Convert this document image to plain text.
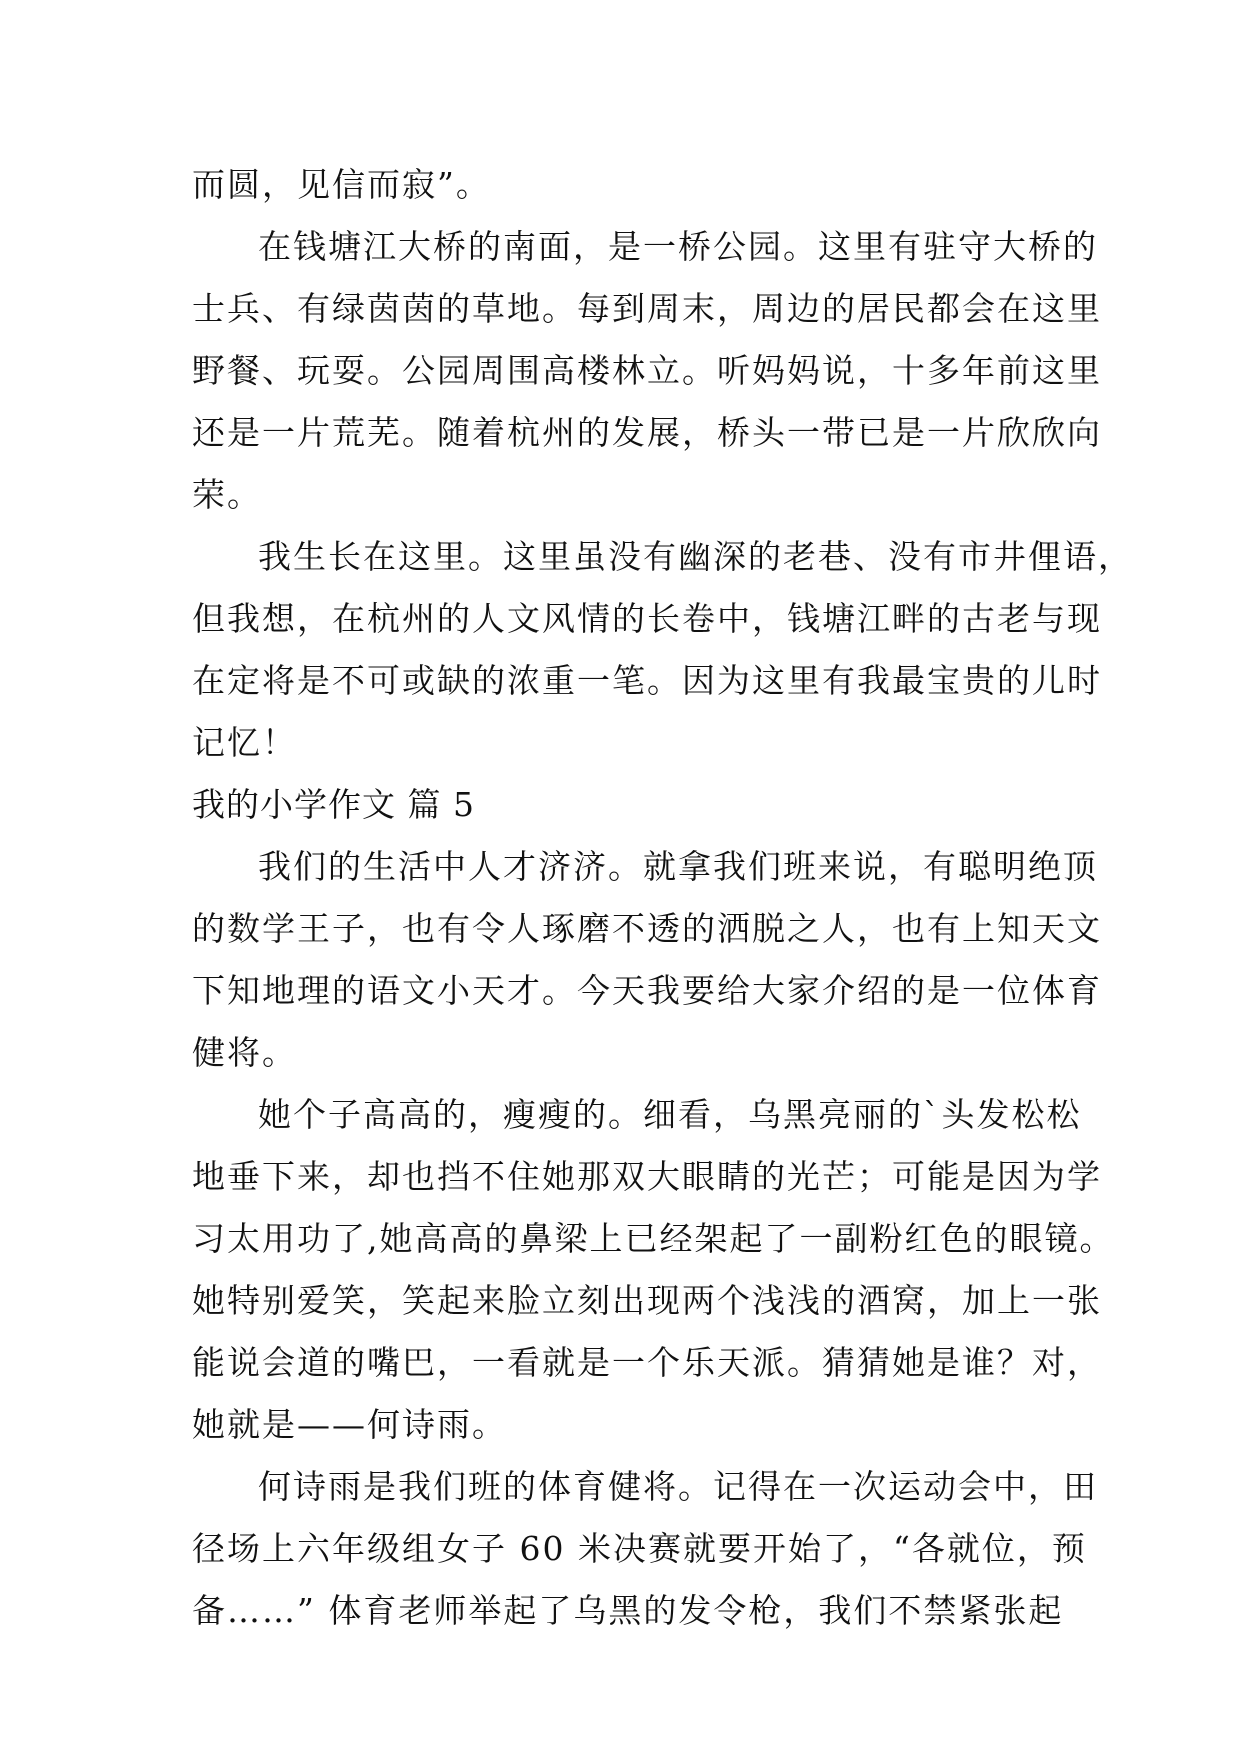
而圆，见信而寂”。
在钱塘江大桥的南面，是一桥公园。这里有驻守大桥的
士兵、有绿茵茵的草地。每到周末，周边的居民都会在这里
野餐、玩耍。公园周围高楼林立。听妈妈说，十多年前这里
还是一片荒芜。随着杭州的发展，桥头一带已是一片欣欣向
荣。
我生长在这里。这里虽没有幽深的老巷、没有市井俚语，
但我想，在杭州的人文风情的长卷中，钱塘江畔的古老与现
在定将是不可或缺的浓重一笔。因为这里有我最宝贵的儿时
记忆！
我的小学作文 篇 5
我们的生活中人才济济。就拿我们班来说，有聪明绝顶
的数学王子，也有令人琢磨不透的洒脱之人，也有上知天文
下知地理的语文小天才。今天我要给大家介绍的是一位体育
健将。
她个子高高的，瘦瘦的。细看，乌黑亮丽的`头发松松
地垂下来，却也挡不住她那双大眼睛的光芒；可能是因为学
习太用功了,她高高的鼻梁上已经架起了一副粉红色的眼镜。
她特别爱笑，笑起来脸立刻出现两个浅浅的酒窝，加上一张
能说会道的嘴巴，一看就是一个乐天派。猜猜她是谁？对，
她就是——何诗雨。
何诗雨是我们班的体育健将。记得在一次运动会中，田
径场上六年级组女子 60 米决赛就要开始了，“各就位，预
备……” 体育老师举起了乌黑的发令枪，我们不禁紧张起
